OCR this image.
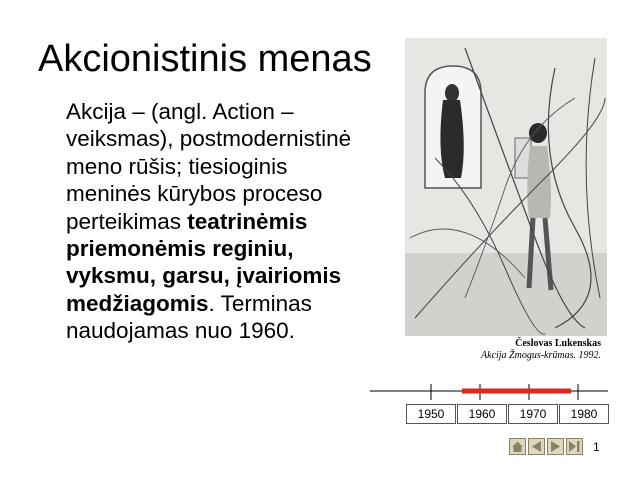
Akcionistinis menas
Akcija – (angl. Action – veiksmas), postmodernistinė meno rūšis; tiesioginis meninės kūrybos proceso perteikimas teatrinėmis priemonėmis reginiu, vyksmu, garsu, įvairiomis medžiagomis. Terminas naudojamas nuo 1960.
Česlovas Lukenskas
Akcija Žmogus-krūmas. 1992.
1950	1960	1970	1980
1
